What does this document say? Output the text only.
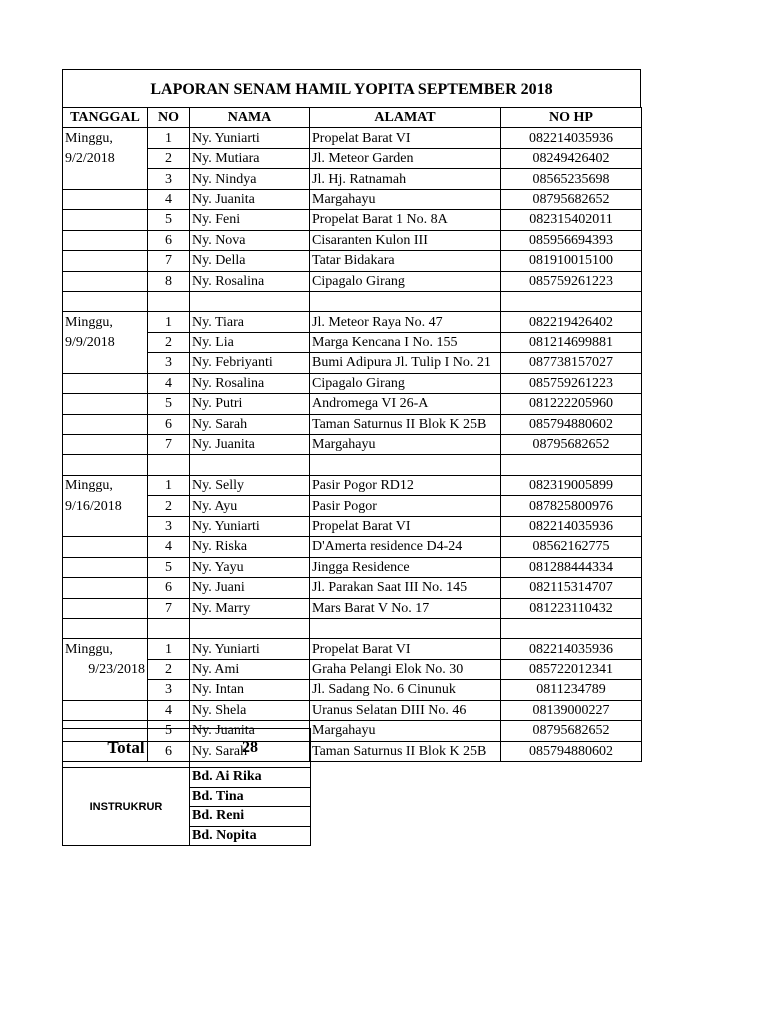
LAPORAN SENAM HAMIL YOPITA SEPTEMBER 2018
TANGGAL	NO	NAMA	ALAMAT	NO HP
Minggu,	1	Ny. Yuniarti	Propelat Barat VI	082214035936
9/2/2018	2	Ny. Mutiara	Jl. Meteor Garden	08249426402
	3	Ny. Nindya	Jl. Hj. Ratnamah	08565235698
	4	Ny. Juanita	Margahayu	08795682652
	5	Ny. Feni	Propelat Barat 1 No. 8A	082315402011
	6	Ny. Nova	Cisaranten Kulon III	085956694393
	7	Ny. Della	Tatar Bidakara	081910015100
	8	Ny. Rosalina	Cipagalo Girang	085759261223

Minggu,	1	Ny. Tiara	Jl. Meteor Raya No. 47	082219426402
9/9/2018	2	Ny. Lia	Marga Kencana I No. 155	081214699881
	3	Ny. Febriyanti	Bumi Adipura Jl. Tulip I No. 21	087738157027
	4	Ny. Rosalina	Cipagalo Girang	085759261223
	5	Ny. Putri	Andromega VI 26-A	081222205960
	6	Ny. Sarah	Taman Saturnus II Blok K 25B	085794880602
	7	Ny. Juanita	Margahayu	08795682652

Minggu,	1	Ny. Selly	Pasir Pogor RD12	082319005899
9/16/2018	2	Ny. Ayu	Pasir Pogor	087825800976
	3	Ny. Yuniarti	Propelat Barat VI	082214035936
	4	Ny. Riska	D'Amerta residence D4-24	08562162775
	5	Ny. Yayu	Jingga Residence	081288444334
	6	Ny. Juani	Jl. Parakan Saat III No. 145	082115314707
	7	Ny. Marry	Mars Barat V No. 17	081223110432

Minggu,	1	Ny. Yuniarti	Propelat Barat VI	082214035936
9/23/2018	2	Ny. Ami	Graha Pelangi Elok No. 30	085722012341
	3	Ny. Intan	Jl. Sadang No. 6 Cinunuk	0811234789
	4	Ny. Shela	Uranus Selatan DIII No. 46	08139000227
	5	Ny. Juanita	Margahayu	08795682652
	6	Ny. Sarah	Taman Saturnus II Blok K 25B	085794880602
Total	28
INSTRUKRUR	Bd. Ai Rika
	Bd. Tina
	Bd. Reni
	Bd. Nopita
